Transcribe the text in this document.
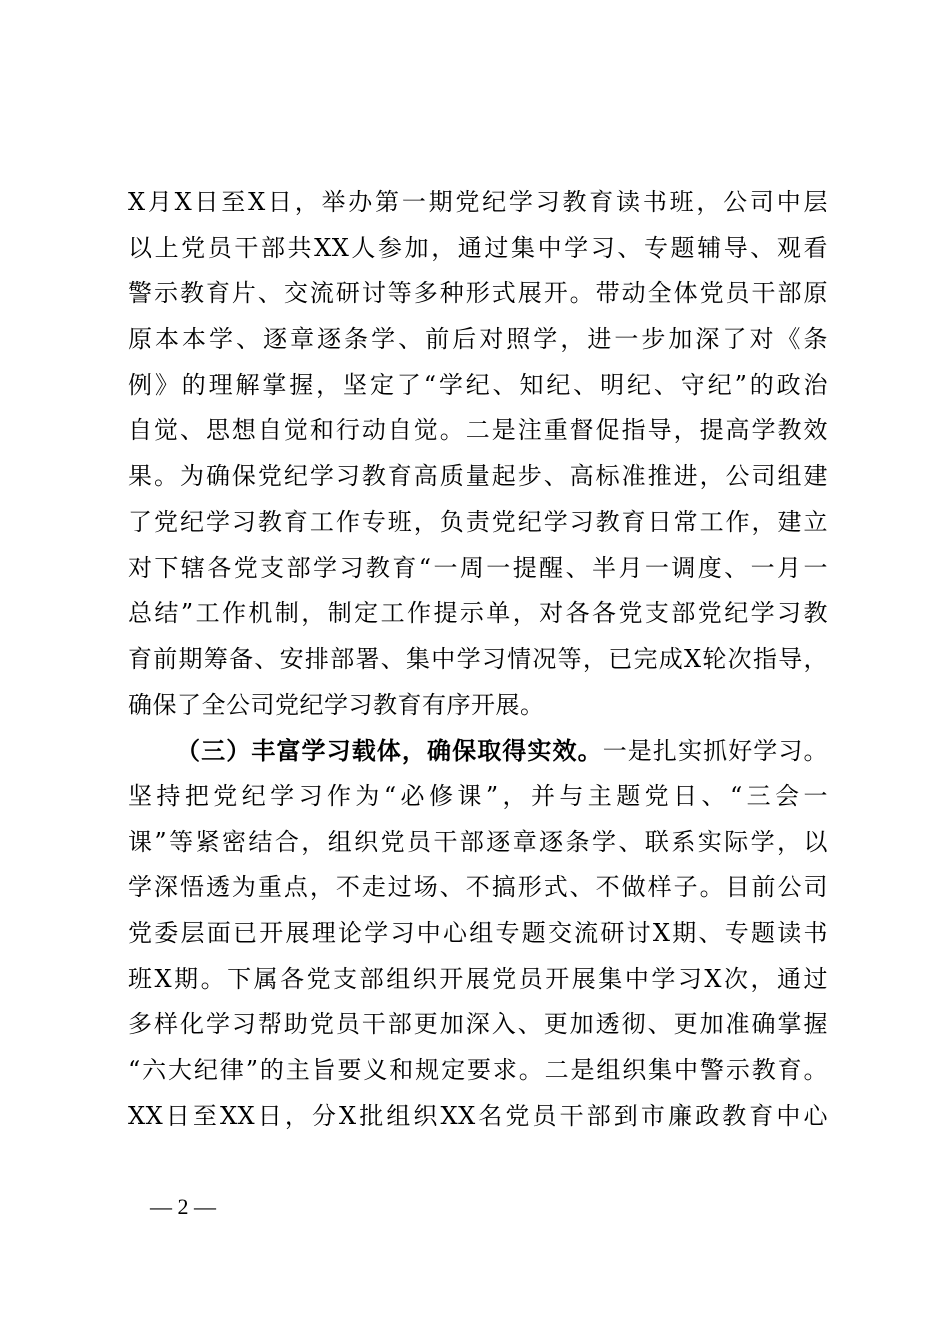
X月X日至X日，举办第一期党纪学习教育读书班，公司中层
以上党员干部共XX人参加，通过集中学习、专题辅导、观看
警示教育片、交流研讨等多种形式展开。带动全体党员干部原
原本本学、逐章逐条学、前后对照学，进一步加深了对《条
例》的理解掌握，坚定了“学纪、知纪、明纪、守纪”的政治
自觉、思想自觉和行动自觉。二是注重督促指导，提高学教效
果。为确保党纪学习教育高质量起步、高标准推进，公司组建
了党纪学习教育工作专班，负责党纪学习教育日常工作，建立
对下辖各党支部学习教育“一周一提醒、半月一调度、一月一
总结”工作机制，制定工作提示单，对各各党支部党纪学习教
育前期筹备、安排部署、集中学习情况等，已完成X轮次指导，
确保了全公司党纪学习教育有序开展。
（三）丰富学习载体，确保取得实效。一是扎实抓好学习。
坚持把党纪学习作为“必修课”，并与主题党日、“三会一
课”等紧密结合，组织党员干部逐章逐条学、联系实际学，以
学深悟透为重点，不走过场、不搞形式、不做样子。目前公司
党委层面已开展理论学习中心组专题交流研讨X期、专题读书
班X期。下属各党支部组织开展党员开展集中学习X次，通过
多样化学习帮助党员干部更加深入、更加透彻、更加准确掌握
“六大纪律”的主旨要义和规定要求。二是组织集中警示教育。
XX日至XX日，分X批组织XX名党员干部到市廉政教育中心
— 2 —
